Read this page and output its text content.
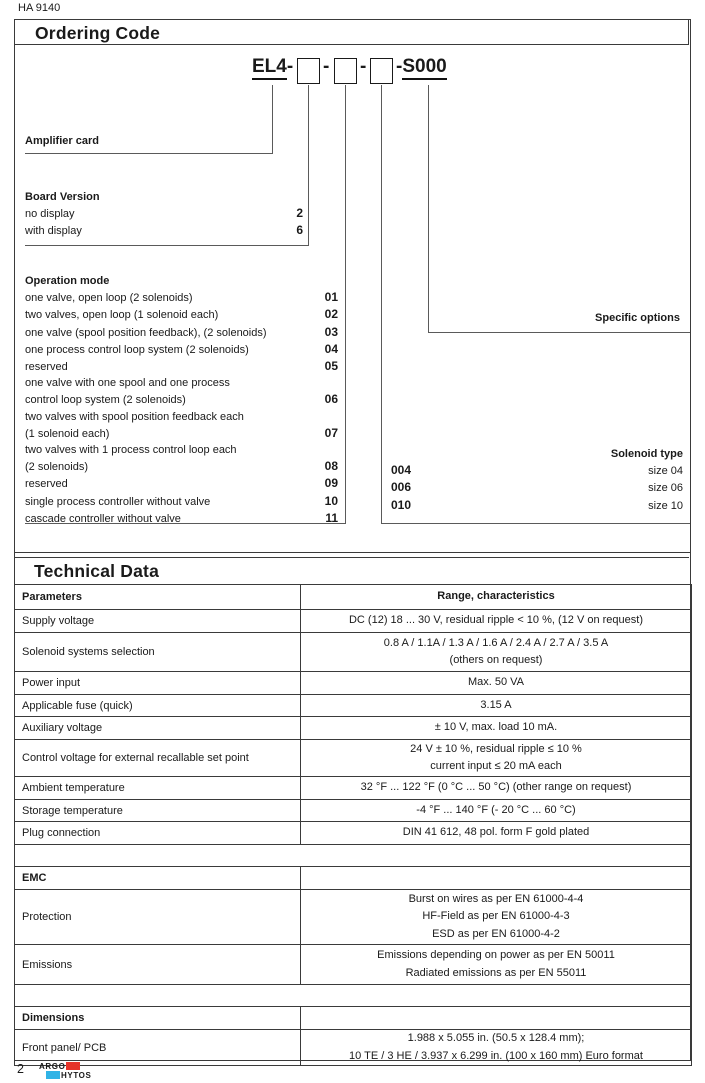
HA 9140
Ordering Code
EL4- - - -S000
Amplifier card
Board Version
no display	2
with display	6
Operation mode
one valve, open loop (2 solenoids)	01
two valves, open loop (1 solenoid each)	02
one valve (spool position feedback), (2 solenoids)	03
one process control loop system (2 solenoids)	04
reserved	05
one valve with one spool and one process
control loop system (2 solenoids)	06
two valves with spool position feedback each
(1 solenoid each)	07
two valves with 1 process control loop each
(2 solenoids)	08
reserved	09
single process controller without valve	10
cascade controller without valve	11
Specific options
Solenoid type
004	size 04
006	size 06
010	size 10
Technical Data
Parameters	Range, characteristics
Supply voltage	DC (12) 18 ... 30 V, residual ripple < 10 %, (12 V on request)
Solenoid systems selection	0.8 A / 1.1A / 1.3 A / 1.6 A / 2.4 A / 2.7 A / 3.5 A
(others on request)

Power input	Max. 50 VA
Applicable fuse (quick)	3.15 A
Auxiliary voltage	± 10 V, max. load 10 mA.
Control voltage for external recallable set point	24 V ± 10 %, residual ripple ≤ 10 %
current input ≤ 20 mA each

Ambient temperature	32 °F ... 122 °F (0 °C ... 50 °C) (other range on request)
Storage temperature	-4 °F ... 140 °F (- 20 °C ... 60 °C)
Plug connection	DIN 41 612, 48 pol. form F gold plated

EMC	
Protection	Burst on wires as per EN 61000-4-4
HF-Field as per EN 61000-4-3
ESD as per EN 61000-4-2

Emissions	Emissions depending on power as per EN 50011
Radiated emissions as per EN 55011

Dimensions	
Front panel/ PCB	1.988 x 5.055 in. (50.5 x 128.4 mm);
10 TE / 3 HE / 3.937 x 6.299 in. (100 x 160 mm) Euro format
2 ARGO
HYTOS
